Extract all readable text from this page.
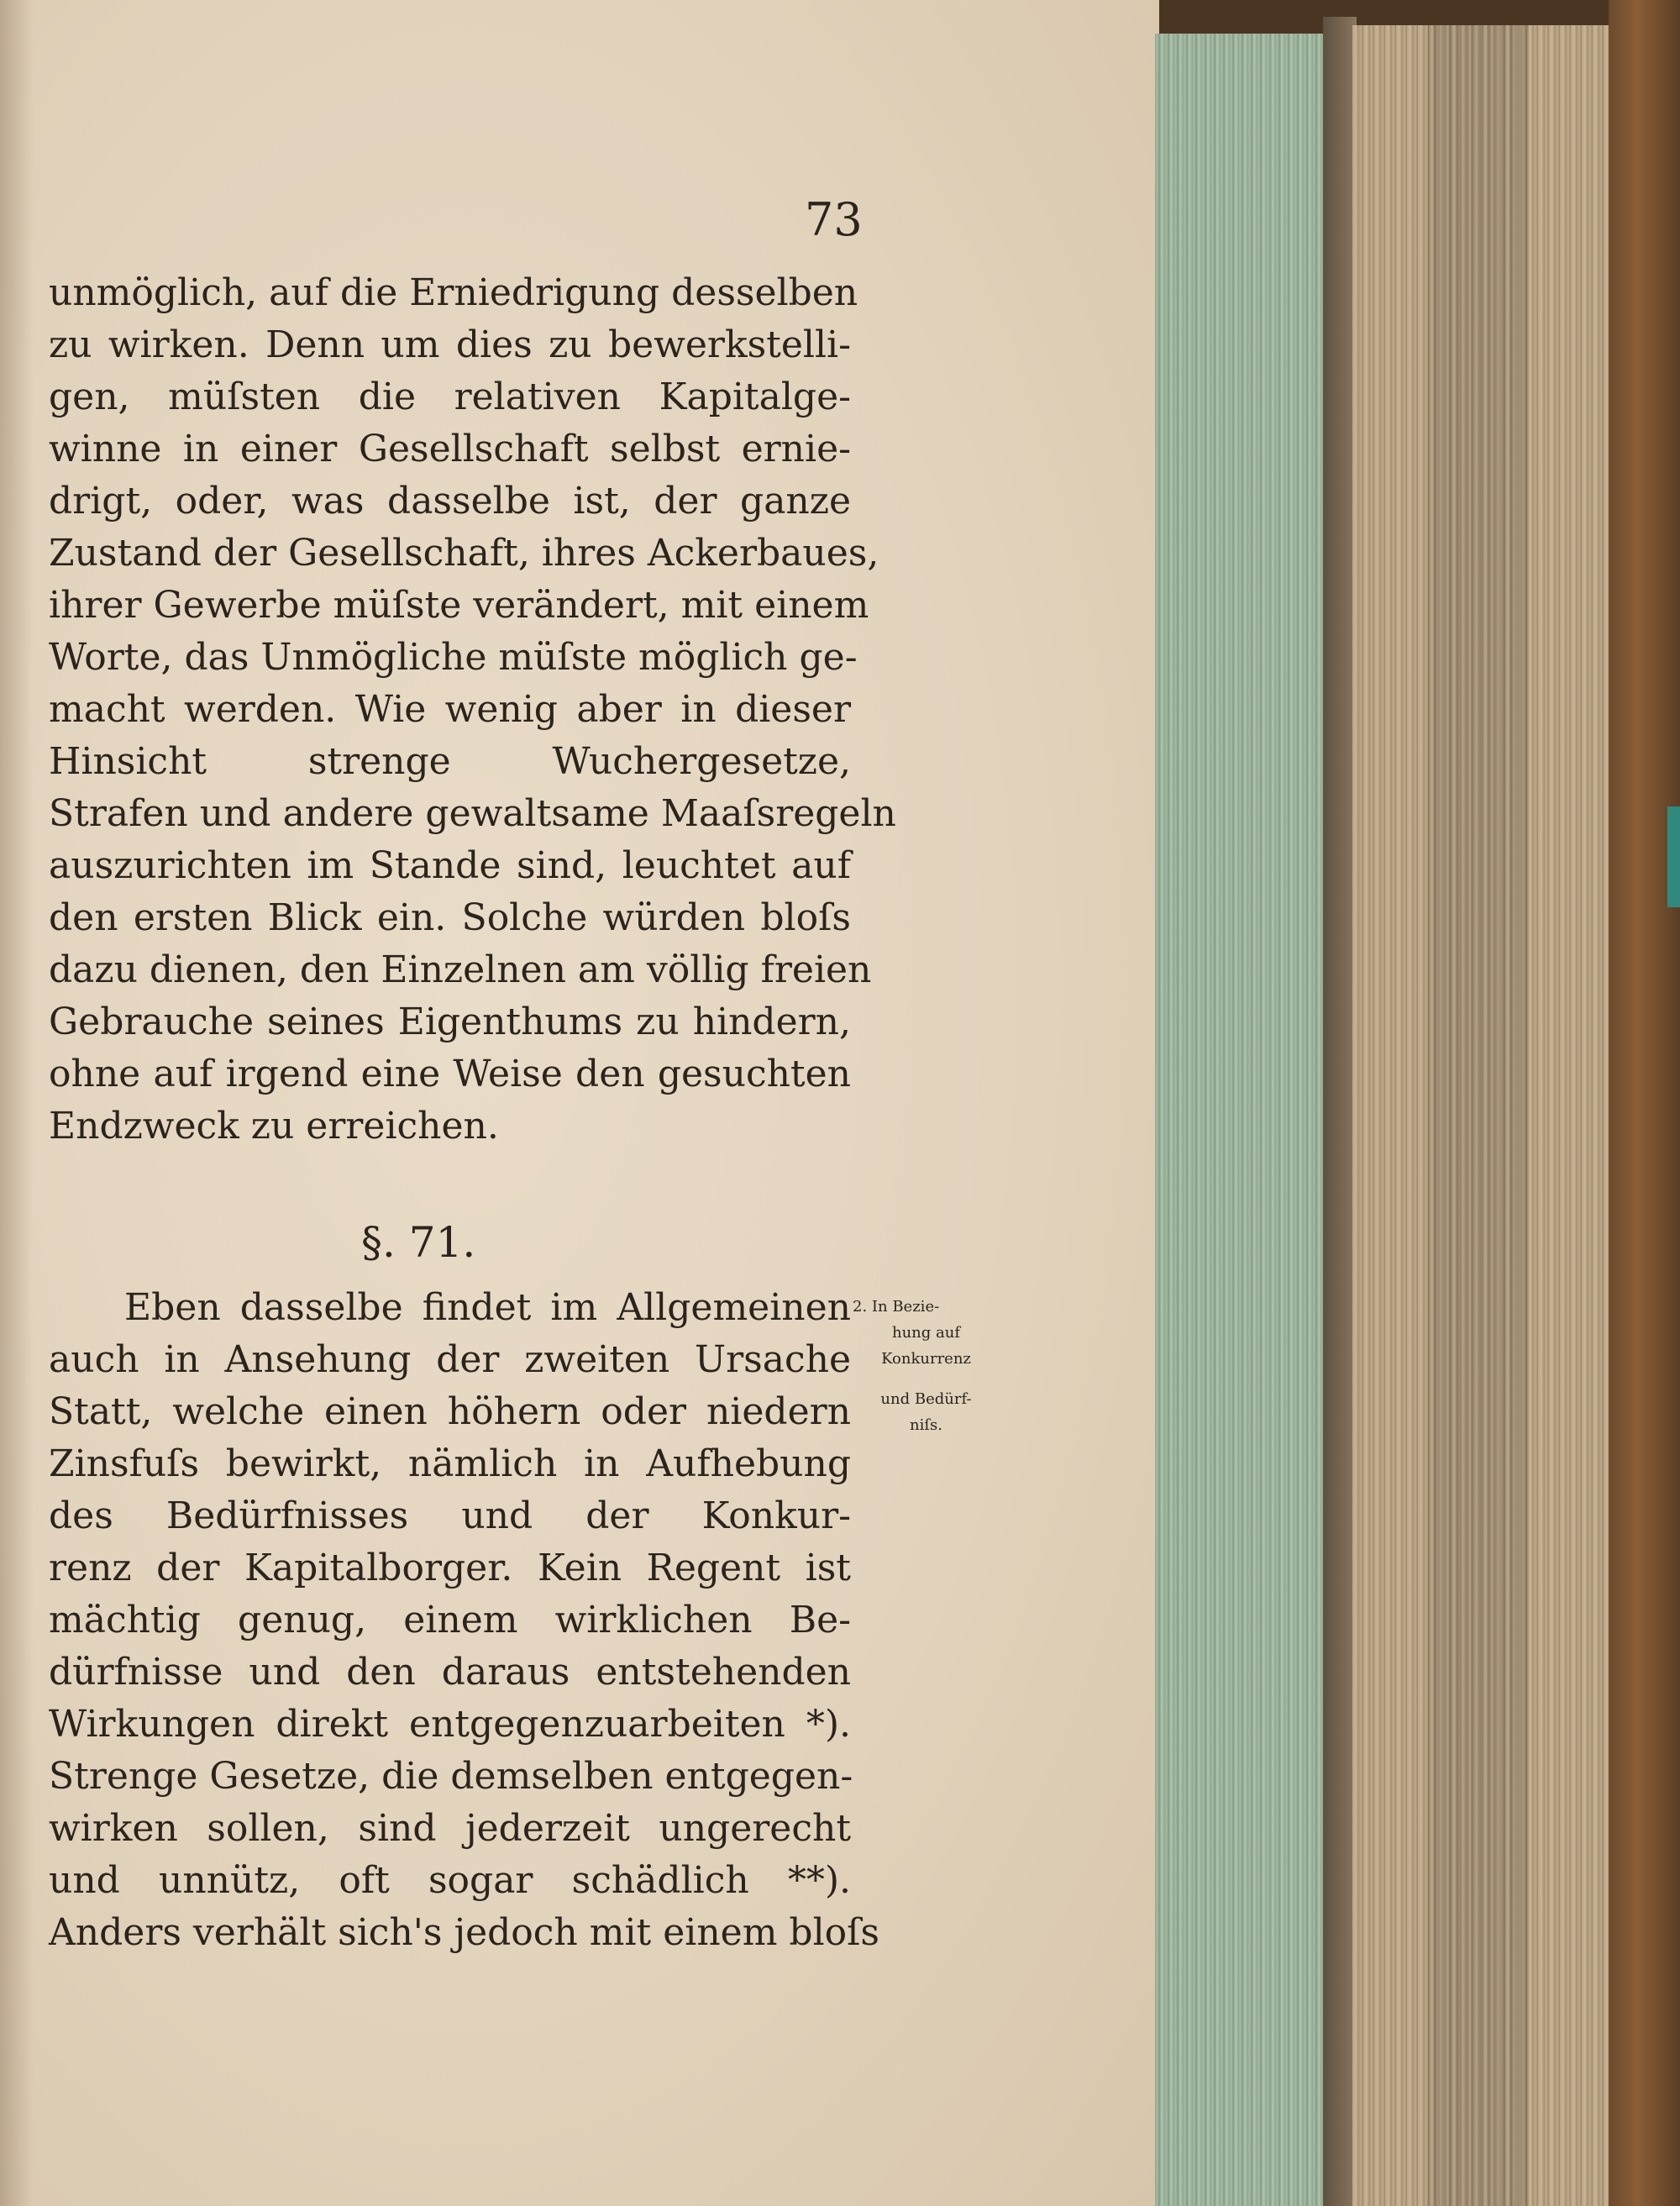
73
unmöglich, auf die Erniedrigung desselben
zu wirken. Denn um dies zu bewerkstelli-
gen, müſsten die relativen Kapitalge-
winne in einer Gesellschaft selbst ernie-
drigt, oder, was dasselbe ist, der ganze
Zustand der Gesellschaft, ihres Ackerbaues,
ihrer Gewerbe müſste verändert, mit einem
Worte, das Unmögliche müſste möglich ge-
macht werden. Wie wenig aber in dieser
Hinsicht strenge Wuchergesetze,
Strafen und andere gewaltsame Maaſsregeln
auszurichten im Stande sind, leuchtet auf
den ersten Blick ein. Solche würden bloſs
dazu dienen, den Einzelnen am völlig freien
Gebrauche seines Eigenthums zu hindern,
ohne auf irgend eine Weise den gesuchten
Endzweck zu erreichen.
§. 71.
Eben dasselbe findet im Allgemeinen
auch in Ansehung der zweiten Ursache
Statt, welche einen höhern oder niedern
Zinsfuſs bewirkt, nämlich in Aufhebung
des Bedürfnisses und der Konkur-
renz der Kapitalborger. Kein Regent ist
mächtig genug, einem wirklichen Be-
dürfnisse und den daraus entstehenden
Wirkungen direkt entgegenzuarbeiten *).
Strenge Gesetze, die demselben entgegen-
wirken sollen, sind jederzeit ungerecht
und unnütz, oft sogar schädlich **).
Anders verhält sich's jedoch mit einem bloſs
2. In Bezie-
hung auf
Konkurrenz
und Bedürf-
niſs.
